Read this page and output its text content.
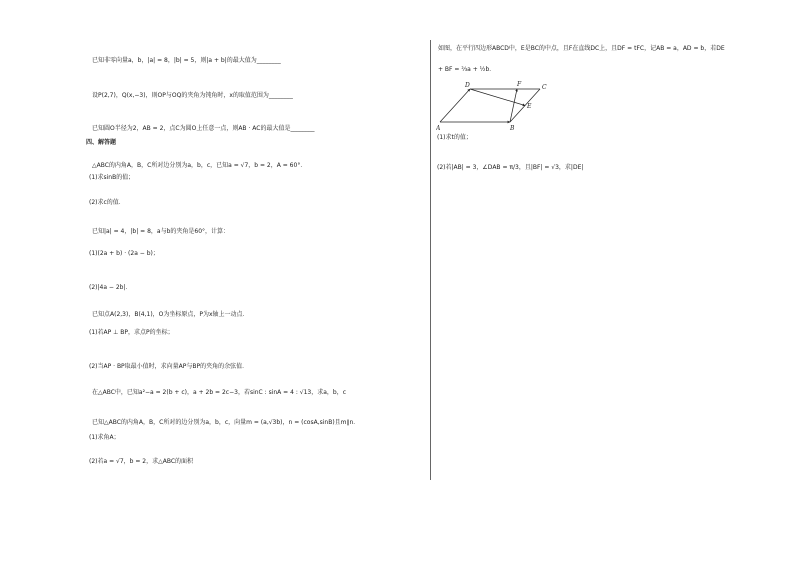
已知非零向量a，b，|a| = 8，|b| = 5，则|a + b|的最大值为________
设P(2,7)，Q(x,−3)，則OP与OQ的夹角为钝角时，x的取值范围为________
已知圆O半径为2，AB = 2，点C为圆O上任意一点，则AB · AC的最大值是________
四、解答题
△ABC的内角A，B，C所对边分别为a，b，c，已知a = √7，b = 2，A = 60°．
(1)求sinB的值；
(2)求c的值．
已知|a| = 4，|b| = 8，a与b的夹角是60°，计算：
(1)(2a + b) · (2a − b)；
(2)|4a − 2b|．
已知点A(2,3)，B(4,1)，O为坐标原点，P为x轴上一动点．
(1)若AP ⊥ BP，求点P的坐标；
(2)当AP · BP取最小值时，求向量AP与BP的夹角的余弦值．
在△ABC中，已知a²−a = 2(b + c)，a + 2b = 2c−3，若sinC : sinA = 4 : √13，求a，b，c
已知△ABC的内角A，B，C所对的边分别为a，b，c，向量m = (a,√3b)，n = (cosA,sinB)且m∥n．
(1)求角A；
(2)若a = √7，b = 2，求△ABC的面积
如图，在平行四边形ABCD中，E是BC的中点，且F在直线DC上，且DF = tFC，记AB = a，AD = b，若DE
+ BF = ⅔a + ½b．
D	F	C
E
A	B
(1)求t的值；
(2)若|AB| = 3，∠DAB = π/3，且|BF| = √3，求|DE|
